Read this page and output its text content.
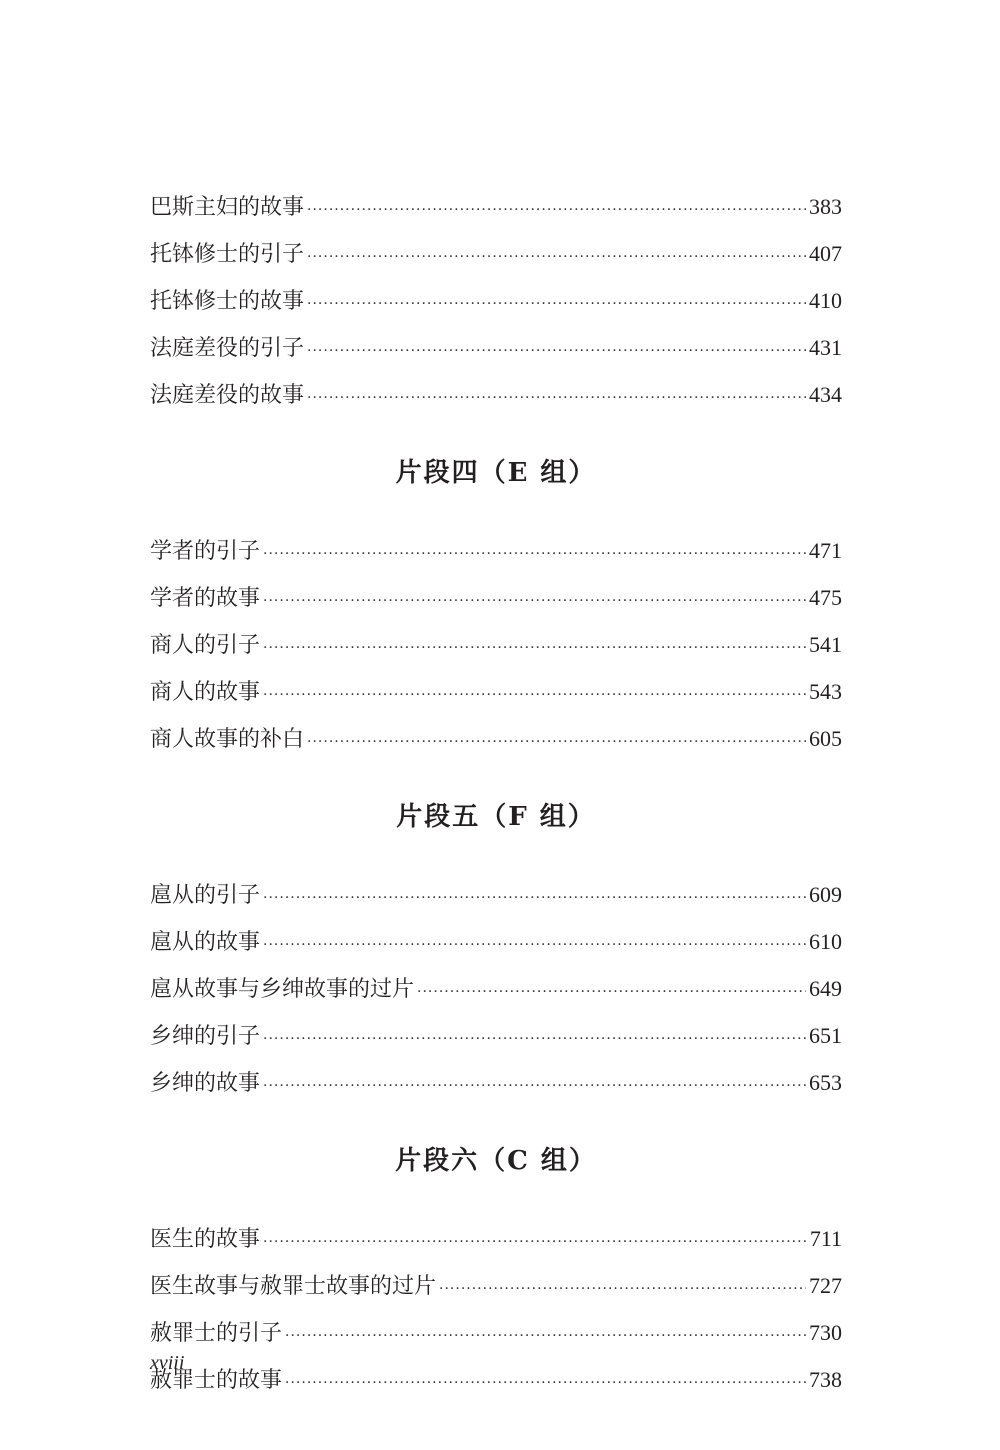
巴斯主妇的故事 ·····	383
托钵修士的引子 ·····	407
托钵修士的故事 ·····	410
法庭差役的引子 ·····	431
法庭差役的故事 ·····	434
片段四（E 组）
学者的引子 ·····	471
学者的故事 ·····	475
商人的引子 ·····	541
商人的故事 ·····	543
商人故事的补白 ·····	605
片段五（F 组）
扈从的引子 ·····	609
扈从的故事 ·····	610
扈从故事与乡绅故事的过片 ·····	649
乡绅的引子 ·····	651
乡绅的故事 ·····	653
片段六（C 组）
医生的故事 ·····	711
医生故事与赦罪士故事的过片 ·····	727
赦罪士的引子 ·····	730
赦罪士的故事 ·····	738
xviii
